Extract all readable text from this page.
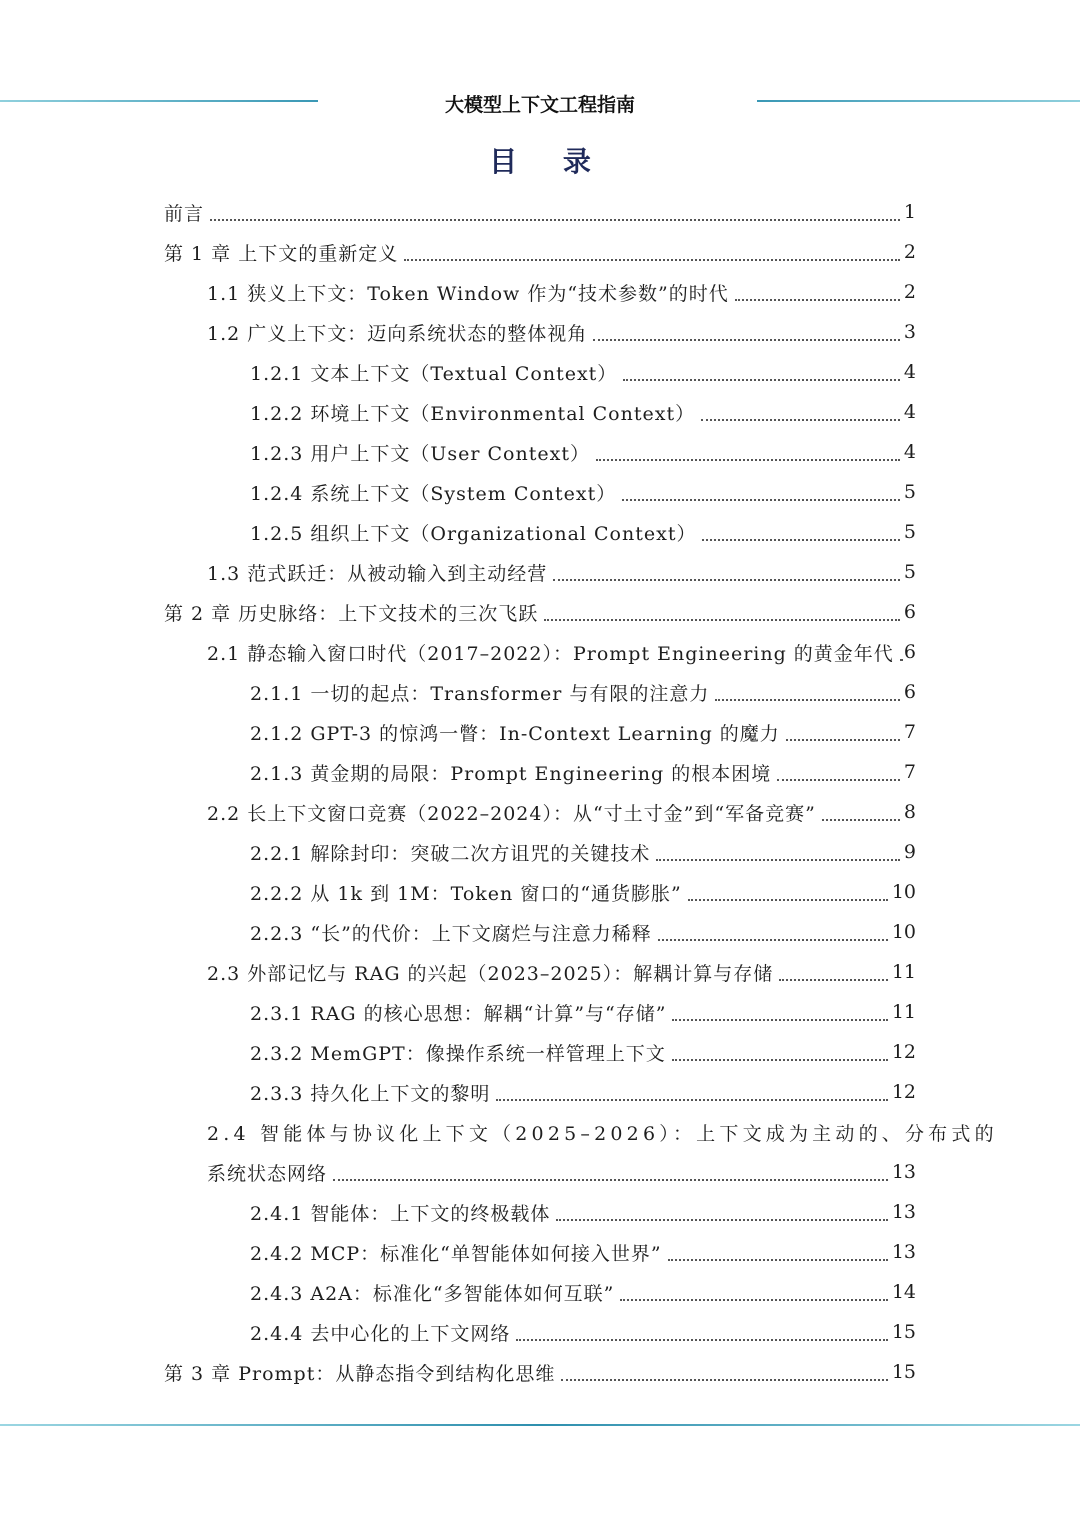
大模型上下文工程指南
目 录
前言	1
第 1 章 上下文的重新定义	2
1.1 狭义上下文：Token Window 作为“技术参数”的时代	2
1.2 广义上下文：迈向系统状态的整体视角	3
1.2.1 文本上下文（Textual Context）	4
1.2.2 环境上下文（Environmental Context）	4
1.2.3 用户上下文（User Context）	4
1.2.4 系统上下文（System Context）	5
1.2.5 组织上下文（Organizational Context）	5
1.3 范式跃迁：从被动输入到主动经营	5
第 2 章 历史脉络：上下文技术的三次飞跃	6
2.1 静态输入窗口时代（2017–2022）：Prompt Engineering 的黄金年代 6
2.1.1 一切的起点：Transformer 与有限的注意力	6
2.1.2 GPT-3 的惊鸿一瞥：In-Context Learning 的魔力	7
2.1.3 黄金期的局限：Prompt Engineering 的根本困境	7
2.2 长上下文窗口竞赛（2022–2024）：从“寸土寸金”到“军备竞赛”	8
2.2.1 解除封印：突破二次方诅咒的关键技术	9
2.2.2 从 1k 到 1M：Token 窗口的“通货膨胀”	10
2.2.3 “长”的代价：上下文腐烂与注意力稀释	10
2.3 外部记忆与 RAG 的兴起（2023–2025）：解耦计算与存储	11
2.3.1 RAG 的核心思想：解耦“计算”与“存储”	11
2.3.2 MemGPT：像操作系统一样管理上下文	12
2.3.3 持久化上下文的黎明	12
2.4 智能体与协议化上下文（2025–2026）：上下文成为主动的、分布式的
系统状态网络	13
2.4.1 智能体：上下文的终极载体	13
2.4.2 MCP：标准化“单智能体如何接入世界”	13
2.4.3 A2A：标准化“多智能体如何互联”	14
2.4.4 去中心化的上下文网络	15
第 3 章 Prompt：从静态指令到结构化思维	15
